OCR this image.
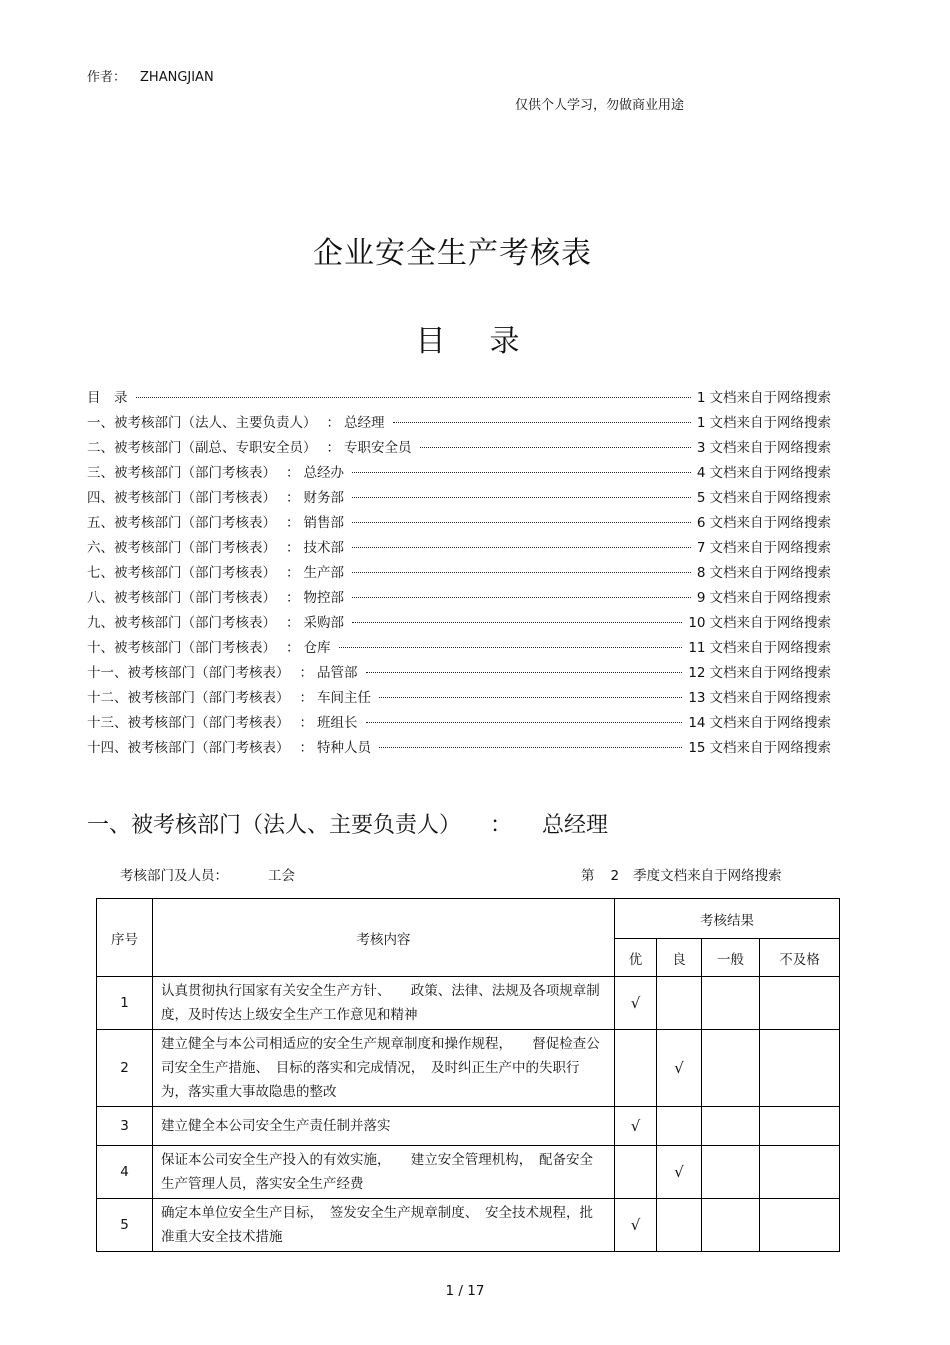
作者： ZHANGJIAN
仅供个人学习，勿做商业用途
企业安全生产考核表
目 录
目　录	1 文档来自于网络搜索
一、被考核部门（法人、主要负责人） ： 总经理	1 文档来自于网络搜索
二、被考核部门（副总、专职安全员） ： 专职安全员	3 文档来自于网络搜索
三、被考核部门（部门考核表） ： 总经办	4 文档来自于网络搜索
四、被考核部门（部门考核表） ： 财务部	5 文档来自于网络搜索
五、被考核部门（部门考核表） ： 销售部	6 文档来自于网络搜索
六、被考核部门（部门考核表） ： 技术部	7 文档来自于网络搜索
七、被考核部门（部门考核表） ： 生产部	8 文档来自于网络搜索
八、被考核部门（部门考核表） ： 物控部	9 文档来自于网络搜索
九、被考核部门（部门考核表） ： 采购部	10 文档来自于网络搜索
十、被考核部门（部门考核表） ： 仓库	11 文档来自于网络搜索
十一、被考核部门（部门考核表） ： 品管部	12 文档来自于网络搜索
十二、被考核部门（部门考核表） ： 车间主任	13 文档来自于网络搜索
十三、被考核部门（部门考核表） ： 班组长	14 文档来自于网络搜索
十四、被考核部门（部门考核表） ： 特种人员	15 文档来自于网络搜索
一、被考核部门（法人、主要负责人） ： 总经理
考核部门及人员：	工会	第 2 季度文档来自于网络搜索
序号	考核内容	考核结果			
		优	良	一般	不及格
1	认真贯彻执行国家有关安全生产方针、　　政策、法律、法规及各项规章制度，及时传达上级安全生产工作意见和精神	√			
2	建立健全与本公司相适应的安全生产规章制度和操作规程，　　督促检查公司安全生产措施、　目标的落实和完成情况，　及时纠正生产中的失职行为，落实重大事故隐患的整改		√		
3	建立健全本公司安全生产责任制并落实	√			
4	保证本公司安全生产投入的有效实施，　　建立安全管理机构，　配备安全生产管理人员，落实安全生产经费		√		
5	确定本单位安全生产目标，　签发安全生产规章制度、　安全技术规程，批准重大安全技术措施	√			
1 / 17
